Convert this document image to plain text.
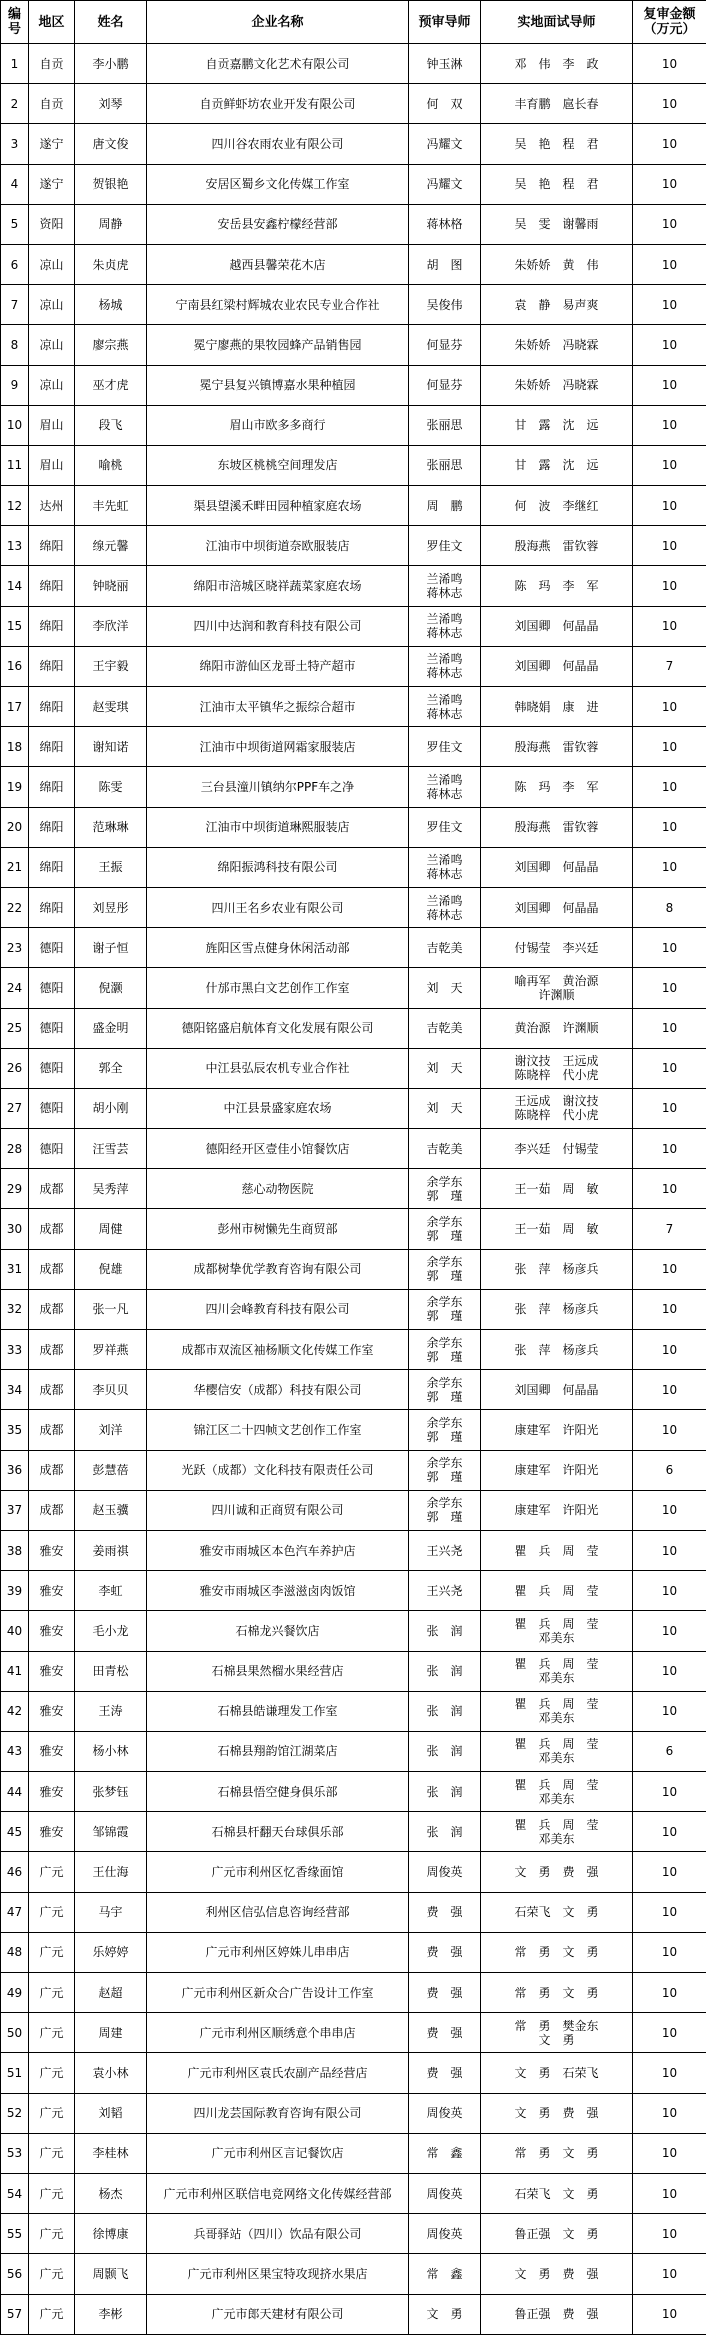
编
号	地区	姓名	企业名称	预审导师	实地面试导师	复审金额
（万元）
1	自贡	李小鹏	自贡嘉鹏文化艺术有限公司	钟玉淋	邓　伟　李　政	10
2	自贡	刘琴	自贡鲜虾坊农业开发有限公司	何　双	丰育鹏　扈长春	10
3	遂宁	唐文俊	四川谷农雨农业有限公司	冯耀文	吴　艳　程　君	10
4	遂宁	贺银艳	安居区蜀乡文化传媒工作室	冯耀文	吴　艳　程　君	10
5	资阳	周静	安岳县安鑫柠檬经营部	蒋林格	吴　雯　谢馨雨	10
6	凉山	朱贞虎	越西县馨荣花木店	胡　图	朱娇娇　黄　伟	10
7	凉山	杨城	宁南县红梁村辉城农业农民专业合作社	吴俊伟	袁　静　易声爽	10
8	凉山	廖宗燕	冕宁廖燕的果牧园蜂产品销售园	何显芬	朱娇娇　冯晓霖	10
9	凉山	巫才虎	冕宁县复兴镇博嘉水果种植园	何显芬	朱娇娇　冯晓霖	10
10	眉山	段飞	眉山市欧多多商行	张丽思	甘　露　沈　远	10
11	眉山	喻桃	东坡区桃桃空间理发店	张丽思	甘　露　沈　远	10
12	达州	丰先虹	渠县望溪禾畔田园种植家庭农场	周　鹏	何　波　李继红	10
13	绵阳	缐元馨	江油市中坝街道奈欧服装店	罗佳文	殷海燕　雷钦蓉	10
14	绵阳	钟晓丽	绵阳市涪城区晓祥蔬菜家庭农场	兰浠鸣
蒋林志	陈　玛　李　军	10
15	绵阳	李欣洋	四川中达润和教育科技有限公司	兰浠鸣
蒋林志	刘国卿　何晶晶	10
16	绵阳	王宇毅	绵阳市游仙区龙哥土特产超市	兰浠鸣
蒋林志	刘国卿　何晶晶	7
17	绵阳	赵雯琪	江油市太平镇华之振综合超市	兰浠鸣
蒋林志	韩晓娟　康　进	10
18	绵阳	谢知诺	江油市中坝街道网霜家服装店	罗佳文	殷海燕　雷钦蓉	10
19	绵阳	陈雯	三台县潼川镇纳尔PPF车之净	兰浠鸣
蒋林志	陈　玛　李　军	10
20	绵阳	范琳琳	江油市中坝街道琳熙服装店	罗佳文	殷海燕　雷钦蓉	10
21	绵阳	王振	绵阳振鸿科技有限公司	兰浠鸣
蒋林志	刘国卿　何晶晶	10
22	绵阳	刘昱彤	四川王名乡农业有限公司	兰浠鸣
蒋林志	刘国卿　何晶晶	8
23	德阳	谢子恒	旌阳区雪点健身休闲活动部	吉乾美	付锡莹　李兴廷	10
24	德阳	倪灏	什邡市黑白文艺创作工作室	刘　天	喻再军　黄治源
许渊顺	10
25	德阳	盛金明	德阳铭盛启航体育文化发展有限公司	吉乾美	黄治源　许渊顺	10
26	德阳	郭全	中江县弘辰农机专业合作社	刘　天	谢汶技　王远成
陈晓梓　代小虎	10
27	德阳	胡小刚	中江县景盛家庭农场	刘　天	王远成　谢汶技
陈晓梓　代小虎	10
28	德阳	汪雪芸	德阳经开区壹佳小馆餐饮店	吉乾美	李兴廷　付锡莹	10
29	成都	吴秀萍	慈心动物医院	余学东
郭　瑾	王一茹　周　敏	10
30	成都	周健	彭州市树懒先生商贸部	余学东
郭　瑾	王一茹　周　敏	7
31	成都	倪雄	成都树挚优学教育咨询有限公司	余学东
郭　瑾	张　萍　杨彦兵	10
32	成都	张一凡	四川会峰教育科技有限公司	余学东
郭　瑾	张　萍　杨彦兵	10
33	成都	罗祥燕	成都市双流区袖杨顺文化传媒工作室	余学东
郭　瑾	张　萍　杨彦兵	10
34	成都	李贝贝	华樱信安（成都）科技有限公司	余学东
郭　瑾	刘国卿　何晶晶	10
35	成都	刘洋	锦江区二十四帧文艺创作工作室	余学东
郭　瑾	康建军　许阳光	10
36	成都	彭慧蓓	光跃（成都）文化科技有限责任公司	余学东
郭　瑾	康建军　许阳光	6
37	成都	赵玉骥	四川诚和正商贸有限公司	余学东
郭　瑾	康建军　许阳光	10
38	雅安	姜雨祺	雅安市雨城区本色汽车养护店	王兴尧	瞿　兵　周　莹	10
39	雅安	李虹	雅安市雨城区李滋滋卤肉饭馆	王兴尧	瞿　兵　周　莹	10
40	雅安	毛小龙	石棉龙兴餐饮店	张　润	瞿　兵　周　莹
邓美东	10
41	雅安	田青松	石棉县果然榴水果经营店	张　润	瞿　兵　周　莹
邓美东	10
42	雅安	王涛	石棉县皓谦理发工作室	张　润	瞿　兵　周　莹
邓美东	10
43	雅安	杨小林	石棉县翔韵馆江湖菜店	张　润	瞿　兵　周　莹
邓美东	6
44	雅安	张梦钰	石棉县悟空健身俱乐部	张　润	瞿　兵　周　莹
邓美东	10
45	雅安	邹锦霞	石棉县杆翻天台球俱乐部	张　润	瞿　兵　周　莹
邓美东	10
46	广元	王仕海	广元市利州区忆香缘面馆	周俊英	文　勇　费　强	10
47	广元	马宇	利州区信弘信息咨询经营部	费　强	石荣飞　文　勇	10
48	广元	乐婷婷	广元市利州区婷姝儿串串店	费　强	常　勇　文　勇	10
49	广元	赵超	广元市利州区新众合广告设计工作室	费　强	常　勇　文　勇	10
50	广元	周建	广元市利州区顺绣意个串串店	费　强	常　勇　樊金东
文　勇	10
51	广元	袁小林	广元市利州区袁氏农副产品经营店	费　强	文　勇　石荣飞	10
52	广元	刘韬	四川龙芸国际教育咨询有限公司	周俊英	文　勇　费　强	10
53	广元	李桂林	广元市利州区言记餐饮店	常　鑫	常　勇　文　勇	10
54	广元	杨杰	广元市利州区联信电竞网络文化传媒经营部	周俊英	石荣飞　文　勇	10
55	广元	徐博康	兵哥驿站（四川）饮品有限公司	周俊英	鲁正强　文　勇	10
56	广元	周颢飞	广元市利州区果宝特攻现挤水果店	常　鑫	文　勇　费　强	10
57	广元	李彬	广元市郎天建材有限公司	文　勇	鲁正强　费　强	10
